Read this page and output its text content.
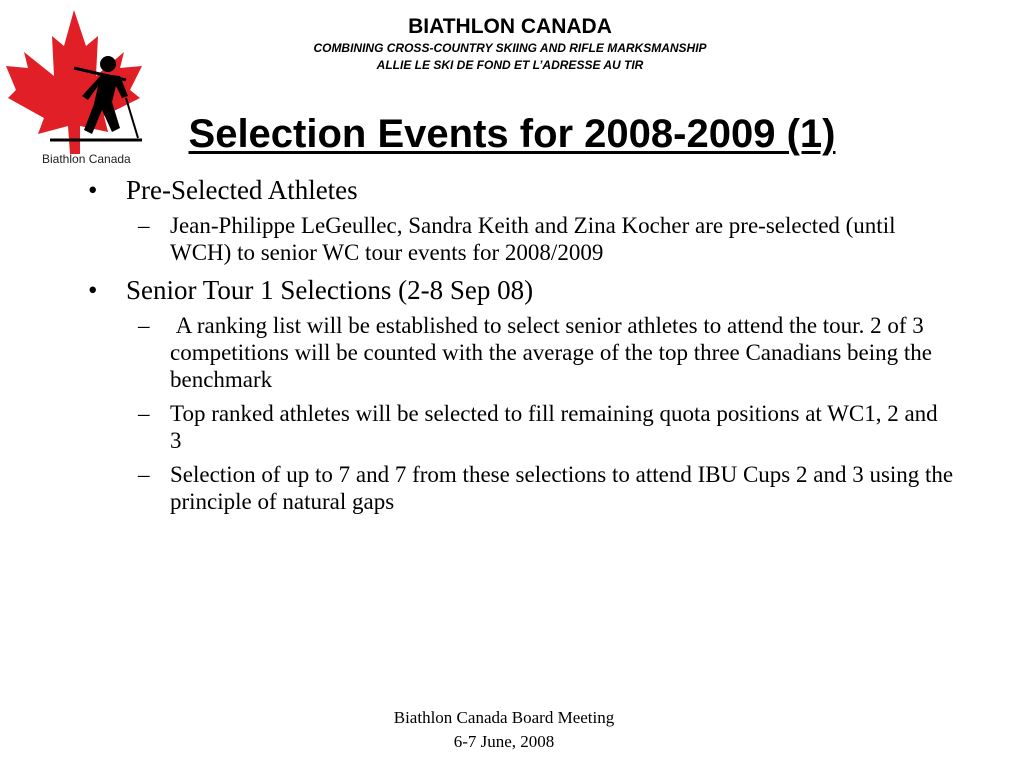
Biathlon Canada
BIATHLON CANADA
COMBINING CROSS-COUNTRY SKIING AND RIFLE MARKSMANSHIP
ALLIE LE SKI DE FOND ET L’ADRESSE AU TIR
Selection Events for 2008-2009 (1)
• Pre-Selected Athletes
– Jean-Philippe LeGeullec, Sandra Keith and Zina Kocher are pre-selected (until WCH) to senior WC tour events for 2008/2009
• Senior Tour 1 Selections (2-8 Sep 08)
– A ranking list will be established to select senior athletes to attend the tour. 2 of 3 competitions will be counted with the average of the top three Canadians being the benchmark
– Top ranked athletes will be selected to fill remaining quota positions at WC1, 2 and 3
– Selection of up to 7 and 7 from these selections to attend IBU Cups 2 and 3 using the principle of natural gaps
Biathlon Canada Board Meeting
6-7 June, 2008
